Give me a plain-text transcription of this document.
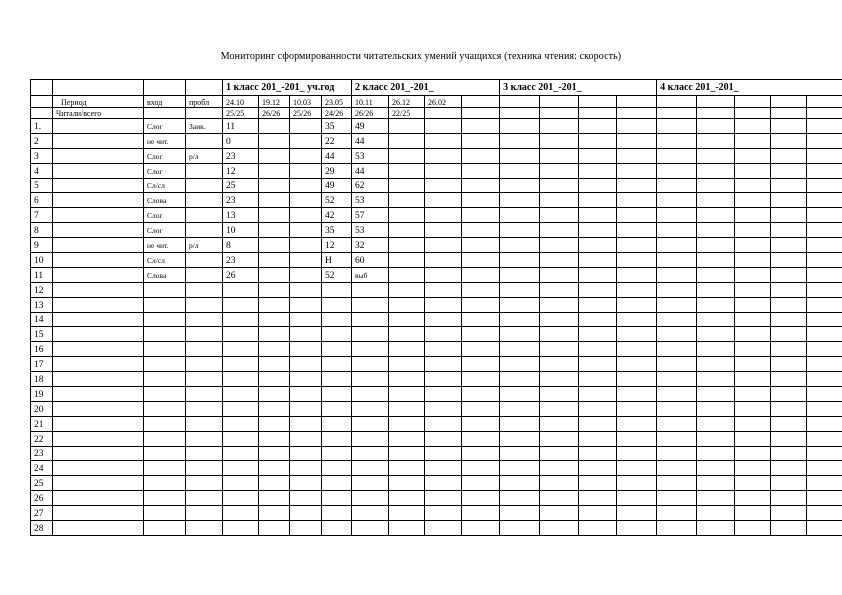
Мониторинг сформированности читательских умений учащихся (техника чтения: скорость)
				1 класс 201_-201_ уч.год				2 класс 201_-201_				3 класс 201_-201_				4 класс 201_-201_				
	Период	вход	пробл	24.10	19.12	10.03	23.05	10.11	26.12	26.02										
	Читали/всего			25/25	26/26	25/26	24/26	26/26	22/25											
1.		Слог	Заик.	11			35	49												
2		не чит.		0			22	44												
3		Слог	р/л	23			44	53												
4		Слог		12			29	44												
5		Сл/сл		25			49	62												
6		Слова		23			52	53												
7		Слог		13			42	57												
8		Слог		10			35	53												
9		не чит.	р/л	8			12	32												
10		Сл/сл		23			Н	60												
11		Слова		26			52	выб												
12																				
13																				
14																				
15																				
16																				
17																				
18																				
19																				
20																				
21																				
22																				
23																				
24																				
25																				
26																				
27																				
28																				
